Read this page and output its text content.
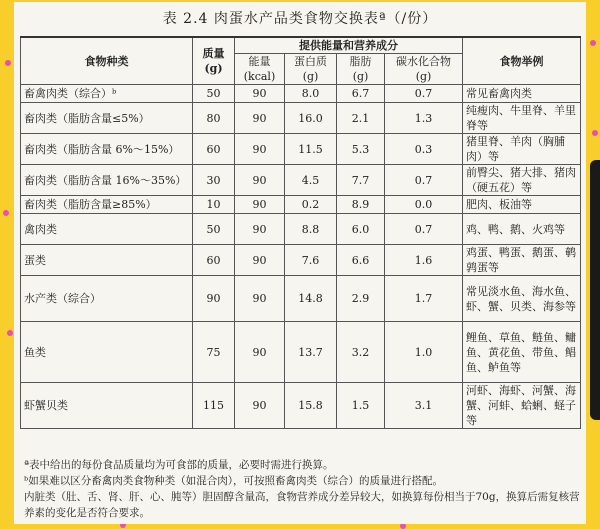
表 2.4 肉蛋水产品类食物交换表ª（/份）
食物种类	质量 (g)	提供能量和营养成分				食物举例
		能量 (kcal)	蛋白质 (g)	脂肪 (g)	碳水化合物 (g)	
畜禽肉类（综合）ᵇ	50	90	8.0	6.7	0.7	常见畜禽肉类
畜肉类（脂肪含量≤5%）	80	90	16.0	2.1	1.3	纯瘦肉、牛里脊、羊里脊等
畜肉类（脂肪含量 6%～15%）	60	90	11.5	5.3	0.3	猪里脊、羊肉（胸脯肉）等
畜肉类（脂肪含量 16%～35%）	30	90	4.5	7.7	0.7	前臀尖、猪大排、猪肉（硬五花）等
畜肉类（脂肪含量≥85%）	10	90	0.2	8.9	0.0	肥肉、板油等
禽肉类	50	90	8.8	6.0	0.7	鸡、鸭、鹅、火鸡等
蛋类	60	90	7.6	6.6	1.6	鸡蛋、鸭蛋、鹅蛋、鹌鹑蛋等
水产类（综合）	90	90	14.8	2.9	1.7	常见淡水鱼、海水鱼、虾、蟹、贝类、海参等
鱼类	75	90	13.7	3.2	1.0	鲤鱼、草鱼、鲢鱼、鳙鱼、黄花鱼、带鱼、鲳鱼、鲈鱼等
虾蟹贝类	115	90	15.8	1.5	3.1	河虾、海虾、河蟹、海蟹、河蚌、蛤蜊、蛏子等

ª表中给出的每份食品质量均为可食部的质量，必要时需进行换算。

ᵇ如果难以区分畜禽肉类食物种类（如混合肉），可按照畜禽肉类（综合）的质量进行搭配。

内脏类（肚、舌、肾、肝、心、肫等）胆固醇含量高，食物营养成分差异较大，如换算每份相当于70g，换算后需复核营养素的变化是否符合要求。
